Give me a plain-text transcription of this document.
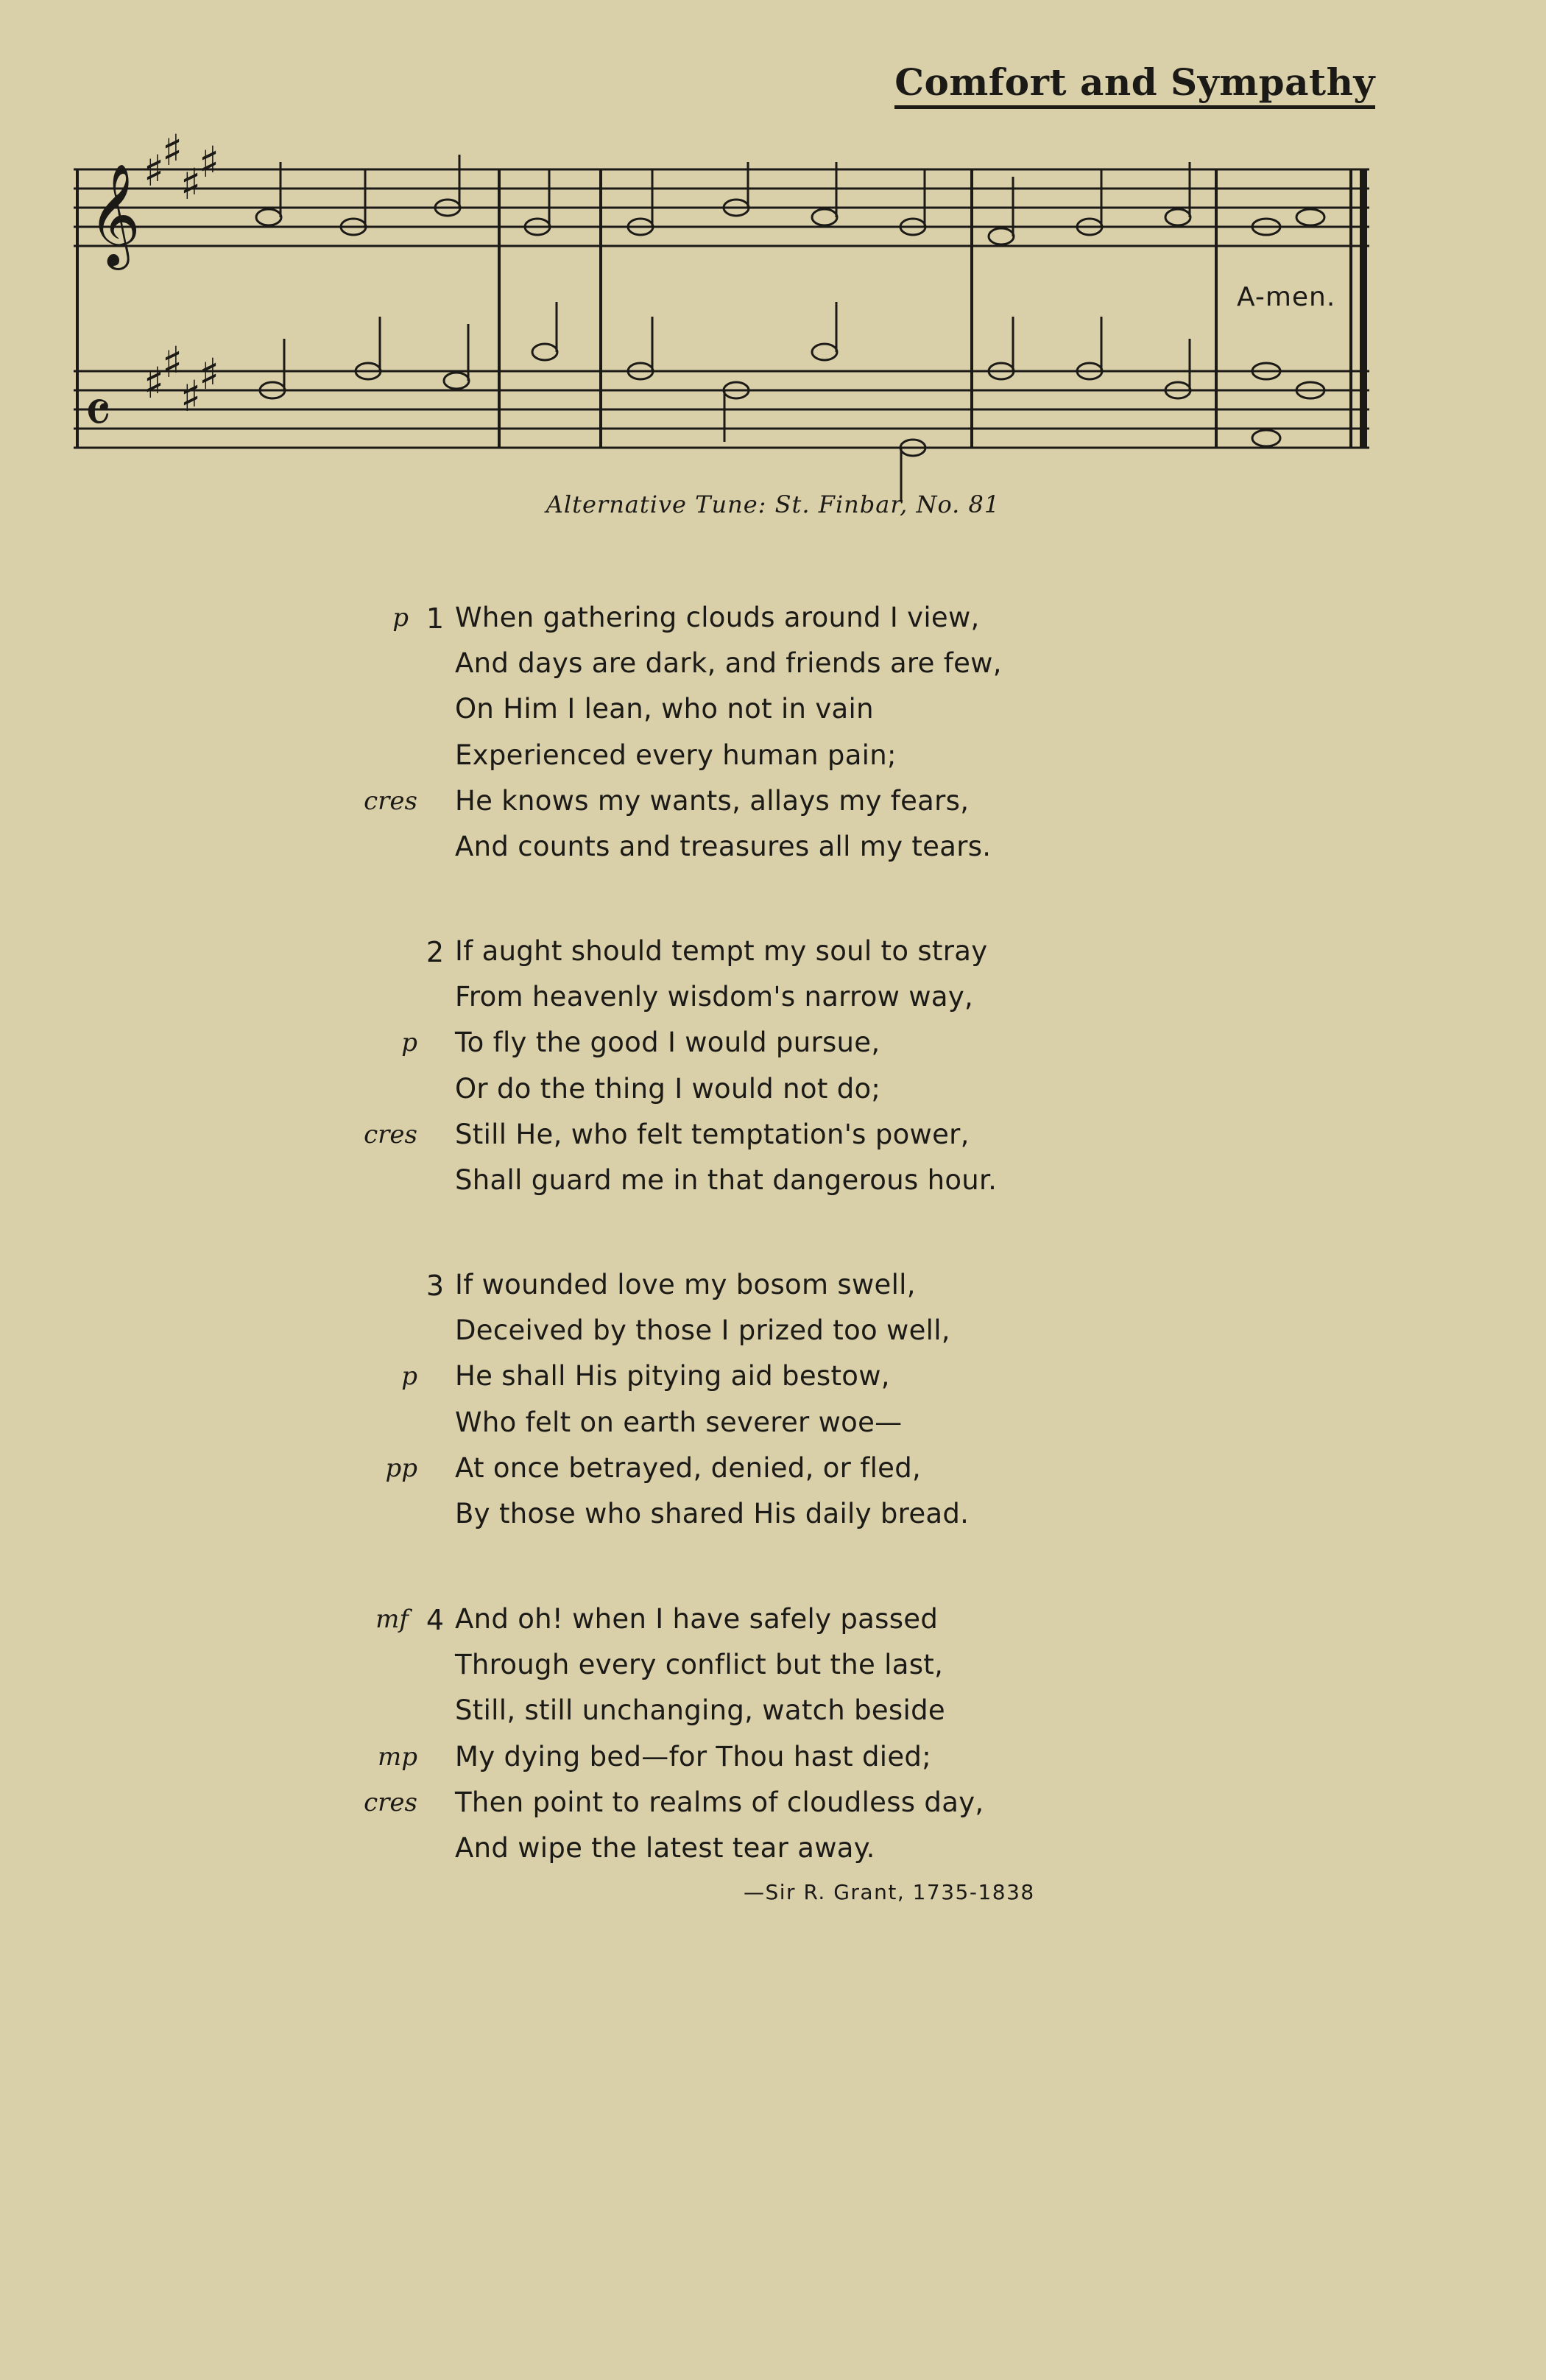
Comfort and Sympathy
𝄞
𝄴
♯
♯
♯
♯
♯
♯
♯
♯
A-men.
Alternative Tune: St. Finbar, No. 81
1 When gathering clouds around I view,
p
And days are dark, and friends are few,
On Him I lean, who not in vain
Experienced every human pain;
He knows my wants, allays my fears,
cres
And counts and treasures all my tears.
2 If aught should tempt my soul to stray
From heavenly wisdom's narrow way,
To fly the good I would pursue,
p
Or do the thing I would not do;
Still He, who felt temptation's power,
cres
Shall guard me in that dangerous hour.
3 If wounded love my bosom swell,
Deceived by those I prized too well,
He shall His pitying aid bestow,
p
Who felt on earth severer woe—
At once betrayed, denied, or fled,
pp
By those who shared His daily bread.
4 And oh! when I have safely passed
mf
Through every conflict but the last,
Still, still unchanging, watch beside
My dying bed—for Thou hast died;
mp
Then point to realms of cloudless day,
cres
And wipe the latest tear away.
—Sir R. Grant, 1735-1838
